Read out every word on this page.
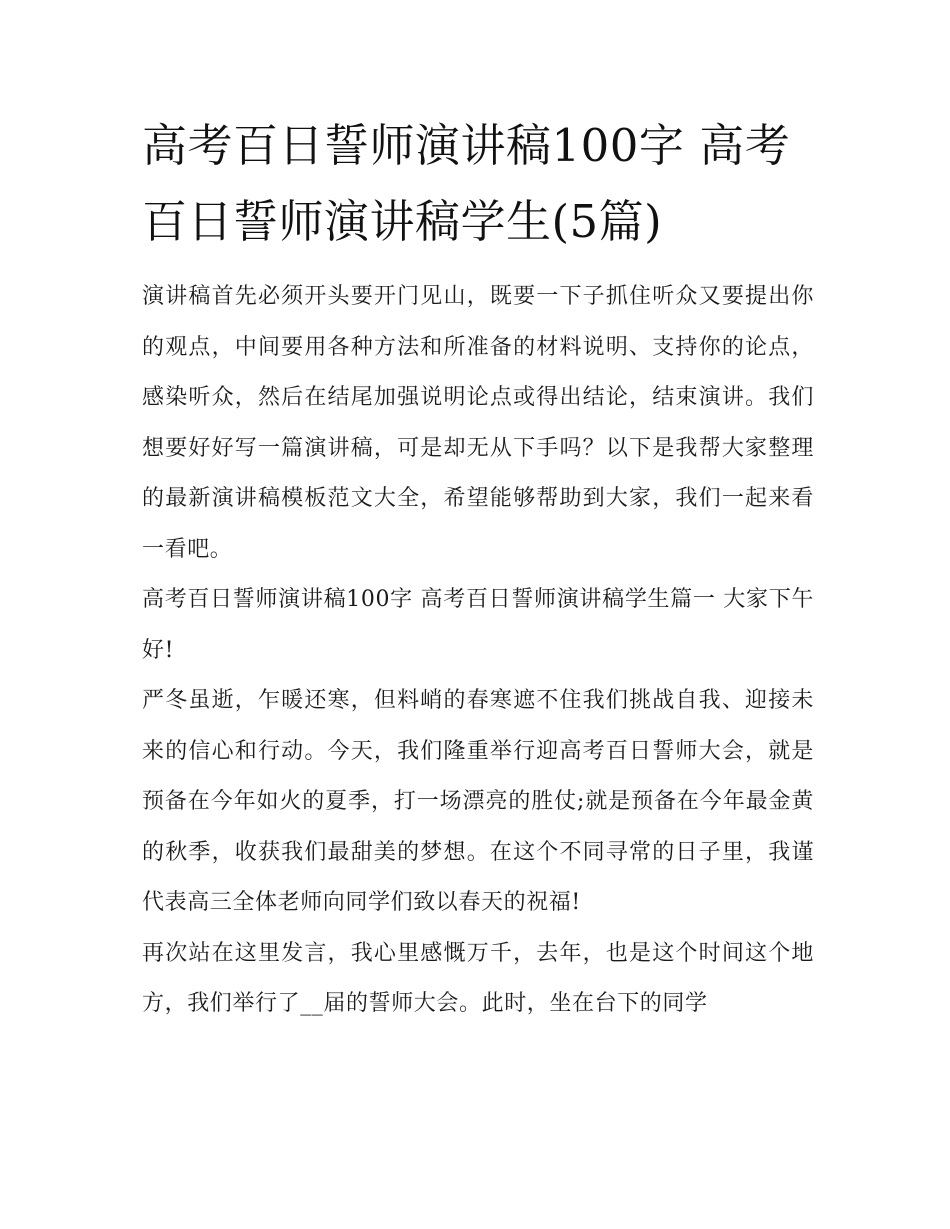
高考百日誓师演讲稿100字 高考百日誓师演讲稿学生(5篇)

演讲稿首先必须开头要开门见山，既要一下子抓住听众又要提出你的观点，中间要用各种方法和所准备的材料说明、支持你的论点，感染听众，然后在结尾加强说明论点或得出结论，结束演讲。我们想要好好写一篇演讲稿，可是却无从下手吗？以下是我帮大家整理的最新演讲稿模板范文大全，希望能够帮助到大家，我们一起来看一看吧。

高考百日誓师演讲稿100字 高考百日誓师演讲稿学生篇一 大家下午好!

严冬虽逝，乍暖还寒，但料峭的春寒遮不住我们挑战自我、迎接未来的信心和行动。今天，我们隆重举行迎高考百日誓师大会，就是预备在今年如火的夏季，打一场漂亮的胜仗;就是预备在今年最金黄的秋季，收获我们最甜美的梦想。在这个不同寻常的日子里，我谨代表高三全体老师向同学们致以春天的祝福!

再次站在这里发言，我心里感慨万千，去年，也是这个时间这个地方，我们举行了__届的誓师大会。此时，坐在台下的同学
